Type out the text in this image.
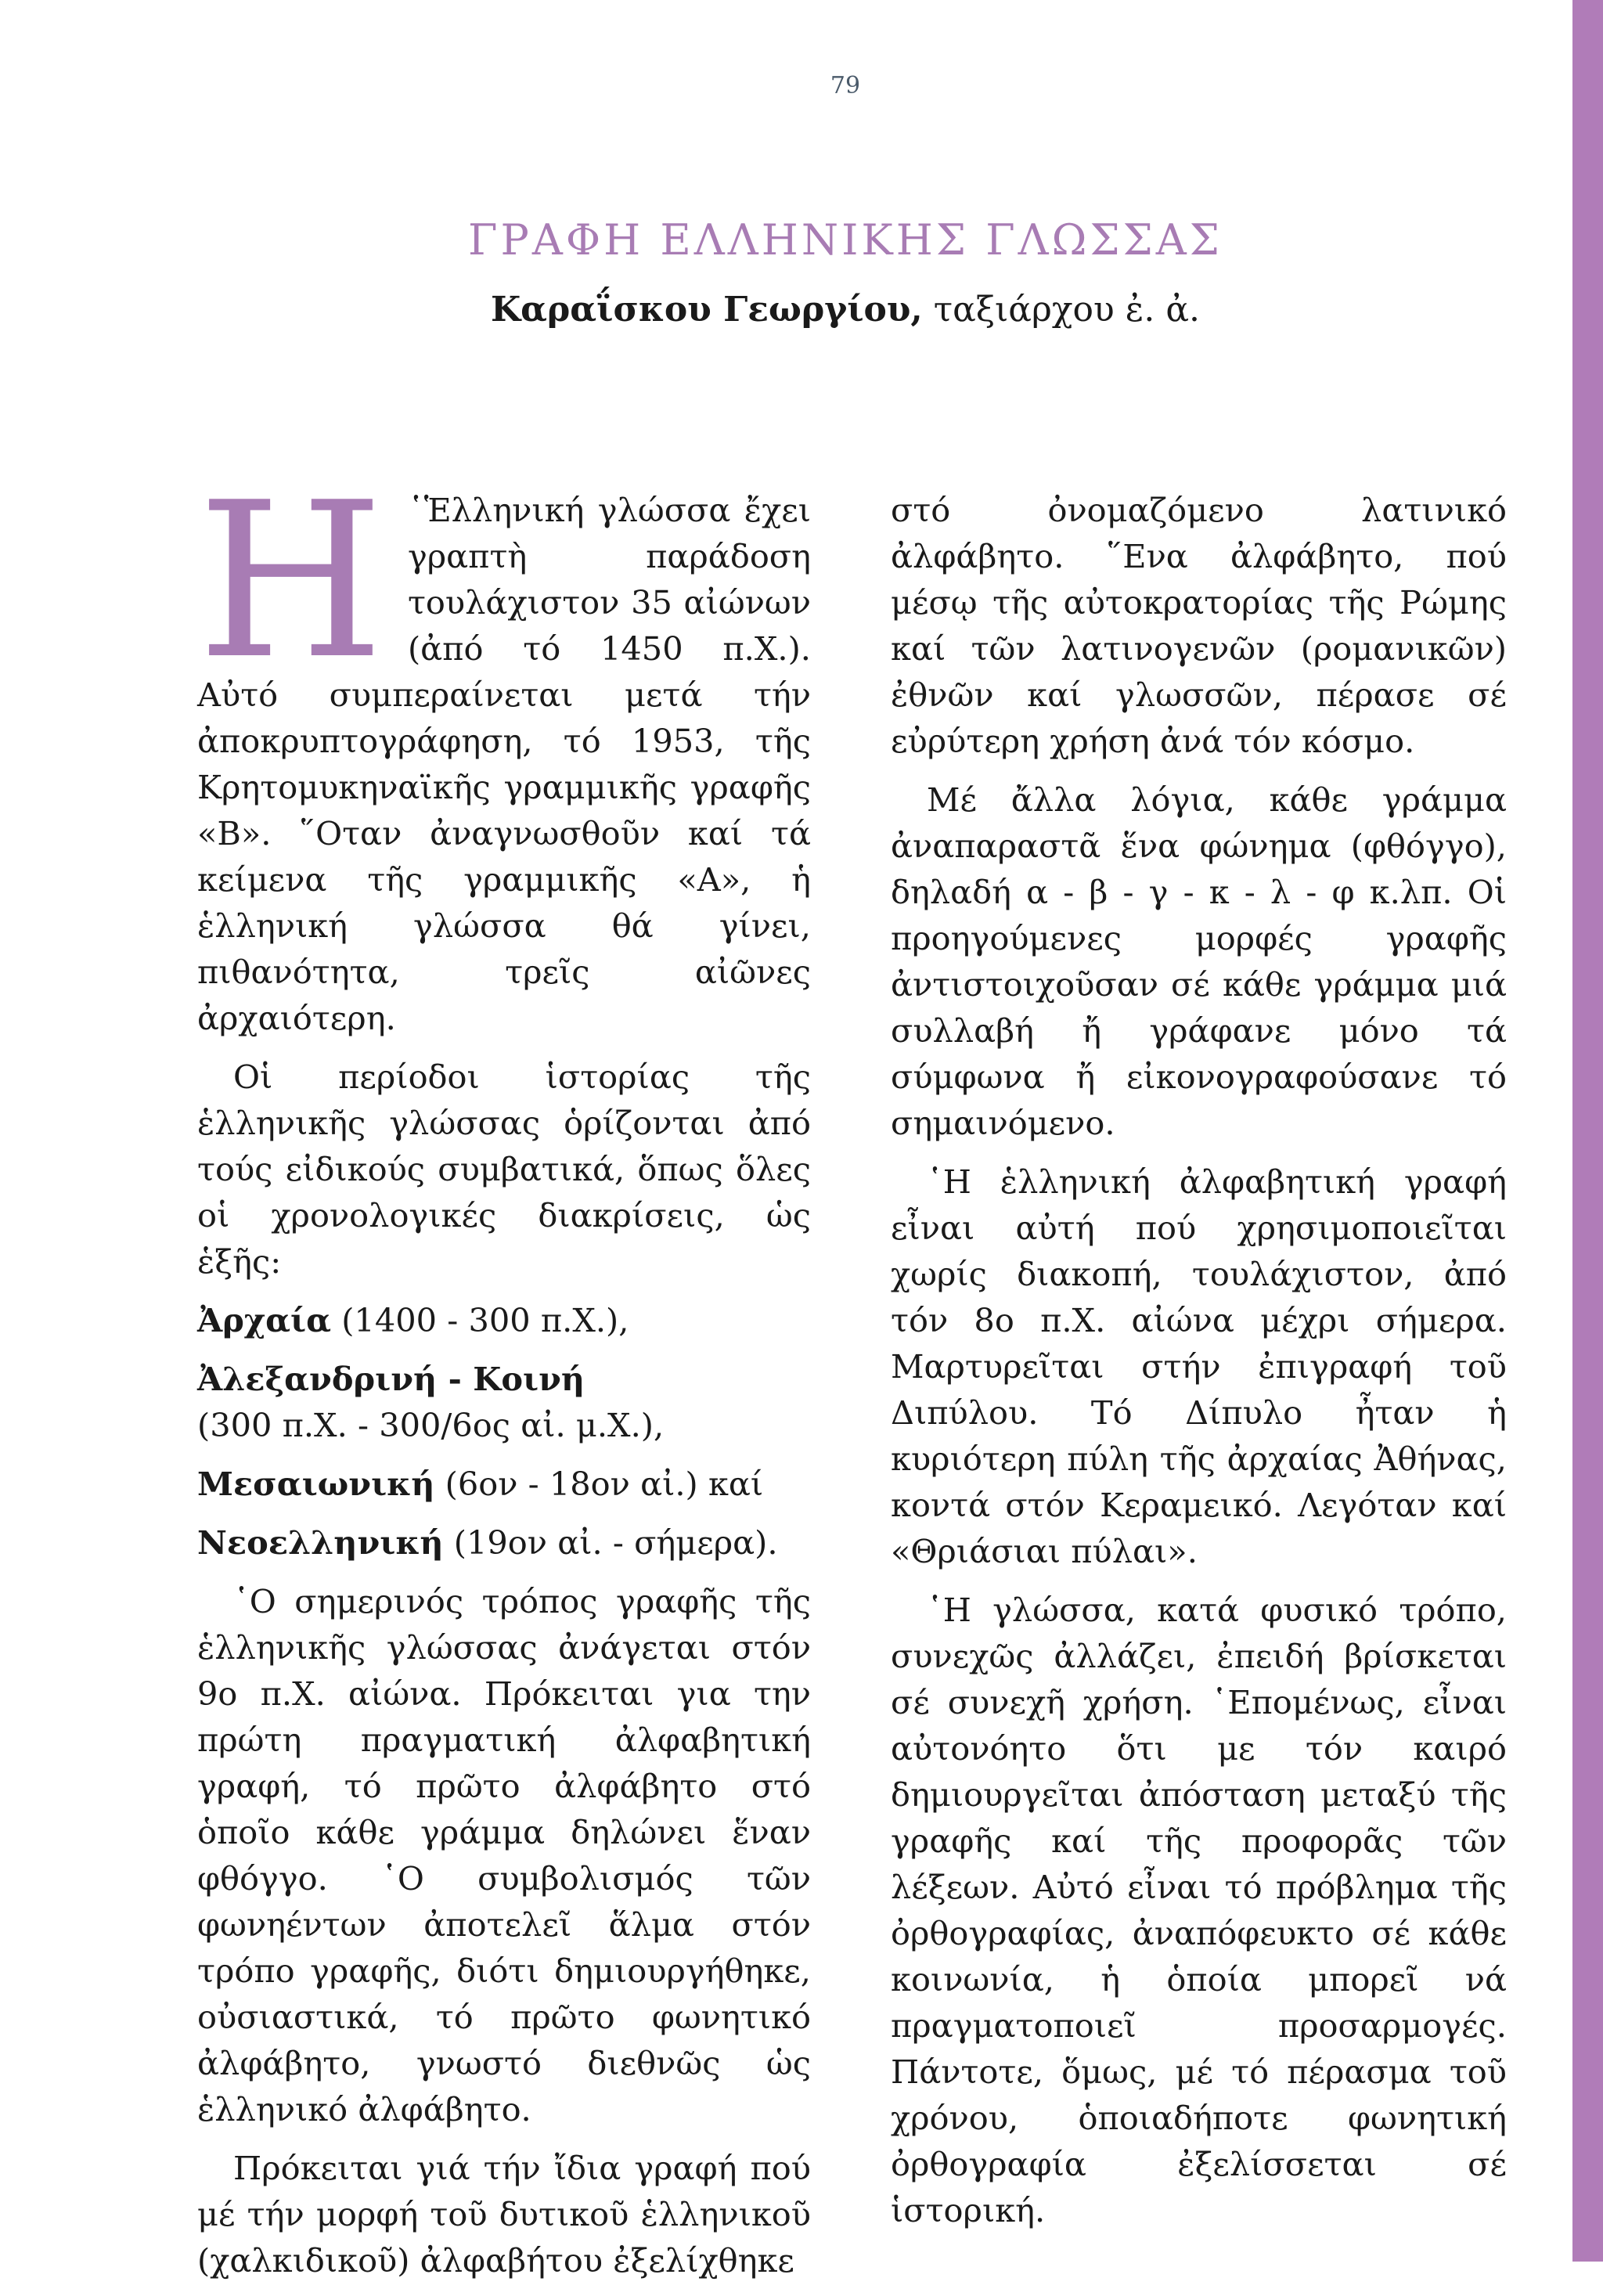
79
ΓΡΑΦΗ ΕΛΛΗΝΙΚΗΣ ΓΛΩΣΣΑΣ
Καραΐσκου Γεωργίου, ταξιάρχου ἐ. ἀ.

H ῾Ἑλληνική γλώσσα ἔχει γραπτὴ παράδοση τουλάχιστον 35 αἰώνων (ἀπό τό 1450 π.Χ.). Αὐτό συμπεραίνεται μετά τήν ἀποκρυπτογράφηση, τό 1953, τῆς Κρητομυκηναϊκῆς γραμμικῆς γραφῆς «Β». ῞Οταν ἀναγνωσθοῦν καί τά κείμενα τῆς γραμμικῆς «Α», ἡ ἑλληνική γλώσσα θά γίνει, πιθανότητα, τρεῖς αἰῶνες ἀρχαιότερη.

Οἱ περίοδοι ἱστορίας τῆς ἑλληνικῆς γλώσσας ὁρίζονται ἀπό τούς εἰδικούς συμβατικά, ὅπως ὅλες οἱ χρονολογικές διακρίσεις, ὡς ἑξῆς:

Ἀρχαία (1400 - 300 π.Χ.),

Ἀλεξανδρινή - Κοινή
(300 π.Χ. - 300/6ος αἰ. μ.Χ.),

Μεσαιωνική (6ον - 18ον αἰ.) καί

Νεοελληνική (19ον αἰ. - σήμερα).

῾Ο σημερινός τρόπος γραφῆς τῆς ἑλληνικῆς γλώσσας ἀνάγεται στόν 9ο π.Χ. αἰώνα. Πρόκειται για την πρώτη πραγματική ἀλφαβητική γραφή, τό πρῶτο ἀλφάβητο στό ὁποῖο κάθε γράμμα δηλώνει ἕναν φθόγγο. ῾Ο συμβολισμός τῶν φωνηέντων ἀποτελεῖ ἅλμα στόν τρόπο γραφῆς, διότι δημιουργήθηκε, οὐσιαστικά, τό πρῶτο φωνητικό ἀλφάβητο, γνωστό διεθνῶς ὡς ἑλληνικό ἀλφάβητο.

Πρόκειται γιά τήν ἴδια γραφή πού μέ τήν μορφή τοῦ δυτικοῦ ἑλληνικοῦ (χαλκιδικοῦ) ἀλφαβήτου ἐξελίχθηκε

στό ὀνομαζόμενο λατινικό ἀλφάβητο. ῞Ενα ἀλφάβητο, πού μέσῳ τῆς αὐτοκρατορίας τῆς Ρώμης καί τῶν λατινογενῶν (ρομανικῶν) ἐθνῶν καί γλωσσῶν, πέρασε σέ εὐρύτερη χρήση ἀνά τόν κόσμο.

Μέ ἄλλα λόγια, κάθε γράμμα ἀναπαραστᾶ ἕνα φώνημα (φθόγγο), δηλαδή α - β - γ - κ - λ - φ κ.λπ. Οἱ προηγούμενες μορφές γραφῆς ἀντιστοιχοῦσαν σέ κάθε γράμμα μιά συλλαβή ἤ γράφανε μόνο τά σύμφωνα ἤ εἰκονογραφούσανε τό σημαινόμενο.

῾Η ἑλληνική ἀλφαβητική γραφή εἶναι αὐτή πού χρησιμοποιεῖται χωρίς διακοπή, τουλάχιστον, ἀπό τόν 8ο π.Χ. αἰώνα μέχρι σήμερα. Μαρτυρεῖται στήν ἐπιγραφή τοῦ Διπύλου. Τό Δίπυλο ἦταν ἡ κυριότερη πύλη τῆς ἀρχαίας Ἀθήνας, κοντά στόν Κεραμεικό. Λεγόταν καί «Θριάσιαι πύλαι».

῾Η γλώσσα, κατά φυσικό τρόπο, συνεχῶς ἀλλάζει, ἐπειδή βρίσκεται σέ συνεχῆ χρήση. ῾Επομένως, εἶναι αὐτονόητο ὅτι με τόν καιρό δημιουργεῖται ἀπόσταση μεταξύ τῆς γραφῆς καί τῆς προφορᾶς τῶν λέξεων. Αὐτό εἶναι τό πρόβλημα τῆς ὀρθογραφίας, ἀναπόφευκτο σέ κάθε κοινωνία, ἡ ὁποία μπορεῖ νά πραγματοποιεῖ προσαρμογές. Πάντοτε, ὅμως, μέ τό πέρασμα τοῦ χρόνου, ὁποιαδήποτε φωνητική ὀρθογραφία ἐξελίσσεται σέ ἱστορική.
